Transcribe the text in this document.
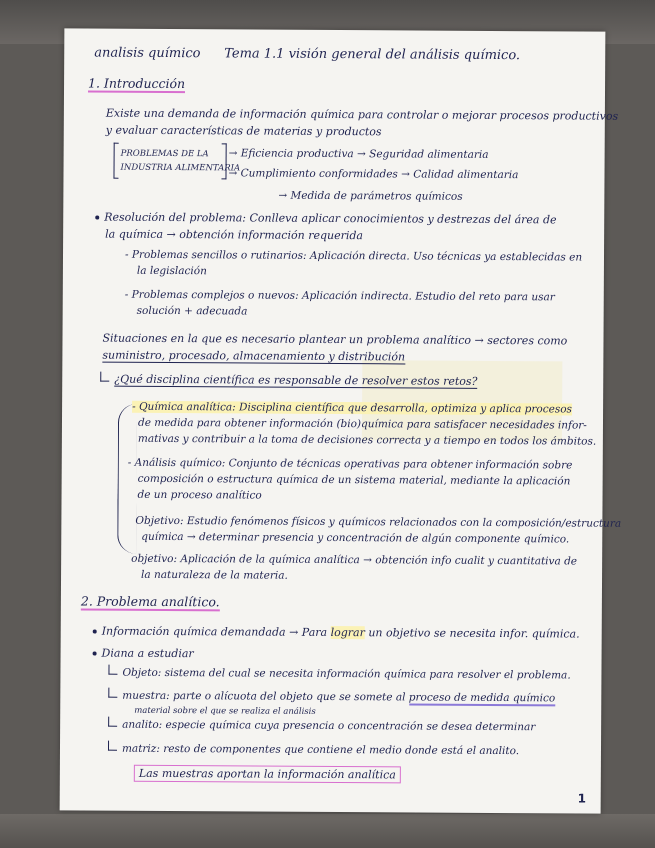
analisis químico Tema 1.1 visión general del análisis químico.
1. Introducción
Existe una demanda de información química para controlar o mejorar procesos productivos
y evaluar características de materias y productos
PROBLEMAS DE LA
INDUSTRIA ALIMENTARIA
→ Eficiencia productiva → Seguridad alimentaria
→ Cumplimiento conformidades → Calidad alimentaria
→ Medida de parámetros químicos
Resolución del problema: Conlleva aplicar conocimientos y destrezas del área de
la química → obtención información requerida
- Problemas sencillos o rutinarios: Aplicación directa. Uso técnicas ya establecidas en
la legislación
- Problemas complejos o nuevos: Aplicación indirecta. Estudio del reto para usar
solución + adecuada
Situaciones en la que es necesario plantear un problema analítico → sectores como
suministro, procesado, almacenamiento y distribución
¿Qué disciplina científica es responsable de resolver estos retos?
- Química analítica: Disciplina científica que desarrolla, optimiza y aplica procesos
de medida para obtener información (bio)química para satisfacer necesidades infor-
mativas y contribuir a la toma de decisiones correcta y a tiempo en todos los ámbitos.
- Análisis químico: Conjunto de técnicas operativas para obtener información sobre
composición o estructura química de un sistema material, mediante la aplicación
de un proceso analítico
Objetivo: Estudio fenómenos físicos y químicos relacionados con la composición/estructura
química → determinar presencia y concentración de algún componente químico.
objetivo: Aplicación de la química analítica → obtención info cualit y cuantitativa de
la naturaleza de la materia.
2. Problema analítico.
Información química demandada → Para lograr un objetivo se necesita infor. química.
Diana a estudiar
Objeto: sistema del cual se necesita información química para resolver el problema.
muestra: parte o alícuota del objeto que se somete al proceso de medida químico
material sobre el que se realiza el análisis
analito: especie química cuya presencia o concentración se desea determinar
matriz: resto de componentes que contiene el medio donde está el analito.
Las muestras aportan la información analítica
1
